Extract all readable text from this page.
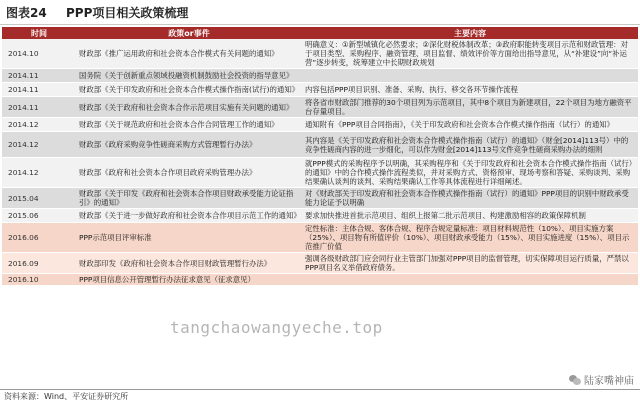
图表24 PPP项目相关政策梳理
时间	政策or事件	主要内容
2014.10	财政部《推广运用政府和社会资本合作模式有关问题的通知》	明确意义：①新型城镇化必然要求；②深化财税体制改革；③政府职能转变项目示范和财政管理：对于项目类型、采购程序、融资管理、项目监督、绩效评价等方面给出指导意见，从“补建设”向“补运营”逐步转变，统筹建立中长期财政规划
2014.11	国务院《关于创新重点领域投融资机制鼓励社会投资的指导意见》	
2014.11	财政部《关于印发政府和社会资本合作模式操作指南(试行)的通知》	内容包括PPP项目识别、准备、采购、执行、移交各环节操作流程
2014.11	财政部《关于政府和社会资本合作示范项目实施有关问题的通知》	将各省市财政部门推荐的30个项目列为示范项目，其中8个项目为新建项目，22个项目为地方融资平台存量项目。
2014.12	财政部《关于规范政府和社会资本合作合同管理工作的通知》	通知附有《PPP项目合同指南》，《关于印发政府和社会资本合作模式操作指南（试行）的通知》
2014.12	财政部《政府采购竞争性磋商采购方式管理暂行办法》	其内容是《关于印发政府和社会资本合作模式操作指南（试行）的通知》（财金[2014]113号）中的竞争性磋商内容的进一步细化，可以作为财金[2014]113号文件竞争性磋商采购办法的细则
2014.12	财政部《政府和社会资本合作项目政府采购管理办法》	就PPP模式的采购程序予以明确，其采购程序和《关于印发政府和社会资本合作模式操作指南（试行）的通知》中的合作模式操作流程类似，并对采购方式、资格预审、现场考察和答疑、采购谈判、采购结果确认谈判的谈判、采购结果确认工作等具体流程进行详细阐述。
2015.04	财政部《关于印发《政府和社会资本合作项目财政承受能力论证指引》的通知》	对《财政部关于印发政府和社会资本合作模式操作指南（试行）的通知》PPP项目的识别中财政承受能力论证予以明确
2015.06	财政部《关于进一步做好政府和社会资本合作项目示范工作的通知》	要求加快推进首批示范项目、组织上报第二批示范项目、构建激励相容的政策保障机制
2016.06	PPP示范项目评审标准	定性标准：主体合规、客体合规、程序合规定量标准：项目材料规范性（10%）、项目实施方案（25%）、项目物有所值评价（10%）、项目财政承受能力（15%）、项目实施进度（15%）、项目示范推广价值
2016.09	财政部印发《政府和社会资本合作项目财政管理暂行办法》	强调各级财政部门应会同行业主管部门加强对PPP项目的监督管理，切实保障项目运行质量，严禁以PPP项目名义举借政府债务。
2016.10	PPP项目信息公开管理暂行办法征求意见（征求意见）	
tangchaowangyeche.top
陆家嘴神庙
资料来源：Wind、平安证券研究所
